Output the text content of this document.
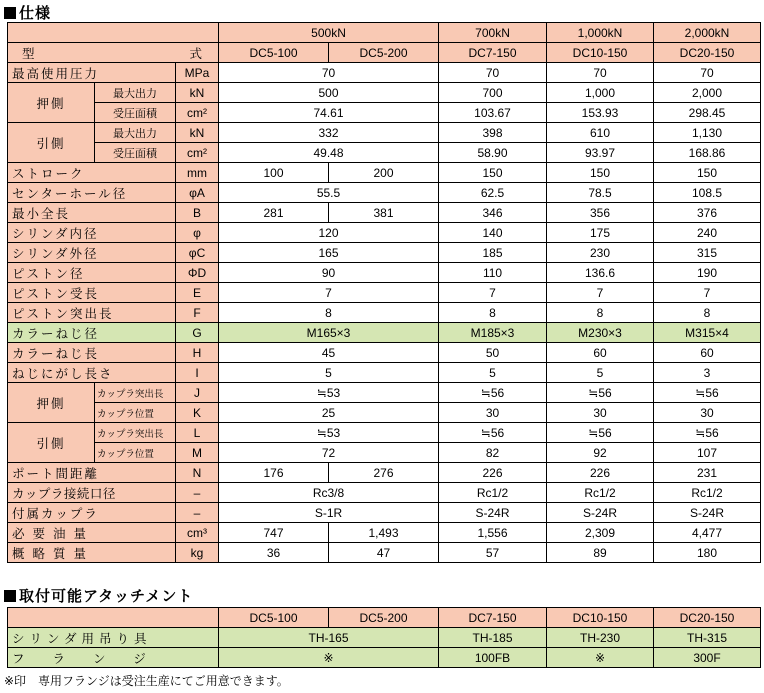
仕様
			500kN		700kN	1,000kN	2,000kN

型 式			DC5-100	DC5-200	DC7-150	DC10-150	DC20-150
最高使用圧力		MPa	70		70	70	70
押側	最大出力	kN	500		700	1,000	2,000
	受圧面積	cm²	74.61		103.67	153.93	298.45
引側	最大出力	kN	332		398	610	1,130
	受圧面積	cm²	49.48		58.90	93.97	168.86
ストローク		mm	100	200	150	150	150
センターホール径		φA	55.5		62.5	78.5	108.5
最小全長		B	281	381	346	356	376
シリンダ内径		φ	120		140	175	240
シリンダ外径		φC	165		185	230	315
ピストン径		ΦD	90		110	136.6	190
ピストン受長		E	7		7	7	7
ピストン突出長		F	8		8	8	8
カラーねじ径		G	M165×3		M185×3	M230×3	M315×4
カラーねじ長		H	45		50	60	60
ねじにがし長さ		I	5		5	5	3
押側	カップラ突出長	J	≒53		≒56	≒56	≒56
	カップラ位置	K	25		30	30	30
引側	カップラ突出長	L	≒53		≒56	≒56	≒56
	カップラ位置	M	72		82	92	107
ポート間距離		N	176	276	226	226	231
カップラ接続口径		–	Rc3/8		Rc1/2	Rc1/2	Rc1/2
付属カップラ		–	S-1R		S-24R	S-24R	S-24R
必要油量		cm³	747	1,493	1,556	2,309	4,477
概略質量		kg	36	47	57	89	180
取付可能アタッチメント
	DC5-100	DC5-200	DC7-150	DC10-150	DC20-150
シリンダ用吊り具	TH-165		TH-185	TH-230	TH-315
フランジ	※		100FB	※	300F
※印　専用フランジは受注生産にてご用意できます。
